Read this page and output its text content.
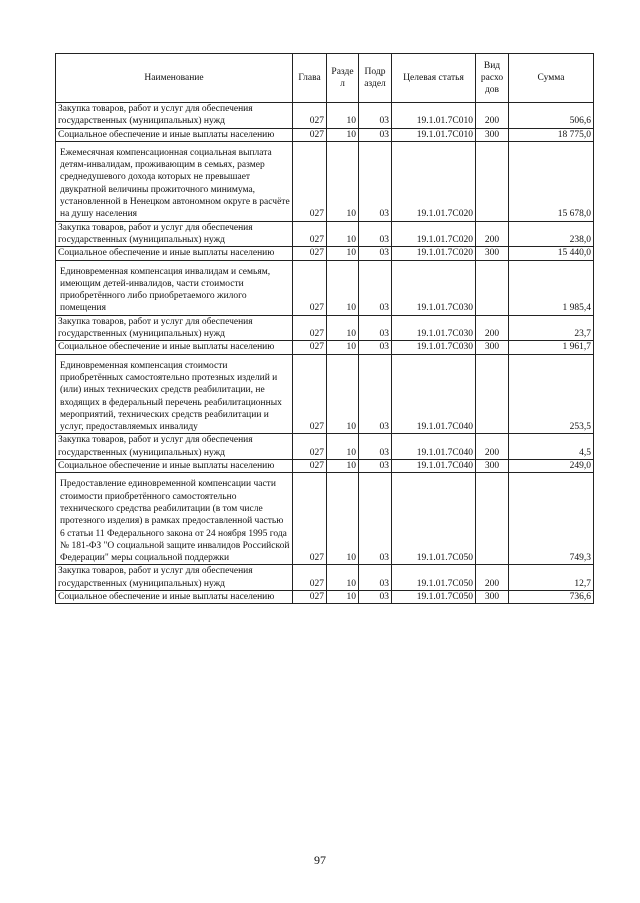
Наименование	Глава	Разде л	Подр аздел	Целевая статья	Вид расхо дов	Сумма
Закупка товаров, работ и услуг для обеспечения государственных (муниципальных) нужд	027	10	03	19.1.01.7С010	200	506,6
Социальное обеспечение и иные выплаты населению	027	10	03	19.1.01.7С010	300	18 775,0
Ежемесячная компенсационная социальная выплата детям-инвалидам, проживающим в семьях, размер среднедушевого дохода которых не превышает двукратной величины прожиточного минимума, установленной в Ненецком автономном округе в расчёте на душу населения	027	10	03	19.1.01.7С020		15 678,0
Закупка товаров, работ и услуг для обеспечения государственных (муниципальных) нужд	027	10	03	19.1.01.7С020	200	238,0
Социальное обеспечение и иные выплаты населению	027	10	03	19.1.01.7С020	300	15 440,0
Единовременная компенсация инвалидам и семьям, имеющим детей-инвалидов, части стоимости приобретённого либо приобретаемого жилого помещения	027	10	03	19.1.01.7С030		1 985,4
Закупка товаров, работ и услуг для обеспечения государственных (муниципальных) нужд	027	10	03	19.1.01.7С030	200	23,7
Социальное обеспечение и иные выплаты населению	027	10	03	19.1.01.7С030	300	1 961,7
Единовременная компенсация стоимости приобретённых самостоятельно протезных изделий и (или) иных технических средств реабилитации, не входящих в федеральный перечень реабилитационных мероприятий, технических средств реабилитации и услуг, предоставляемых инвалиду	027	10	03	19.1.01.7С040		253,5
Закупка товаров, работ и услуг для обеспечения государственных (муниципальных) нужд	027	10	03	19.1.01.7С040	200	4,5
Социальное обеспечение и иные выплаты населению	027	10	03	19.1.01.7С040	300	249,0
Предоставление единовременной компенсации части стоимости приобретённого самостоятельно технического средства реабилитации (в том числе протезного изделия) в рамках предоставленной частью 6 статьи 11 Федерального закона от 24 ноября 1995 года № 181-ФЗ "О социальной защите инвалидов Российской Федерации" меры социальной поддержки	027	10	03	19.1.01.7С050		749,3
Закупка товаров, работ и услуг для обеспечения государственных (муниципальных) нужд	027	10	03	19.1.01.7С050	200	12,7
Социальное обеспечение и иные выплаты населению	027	10	03	19.1.01.7С050	300	736,6
97
